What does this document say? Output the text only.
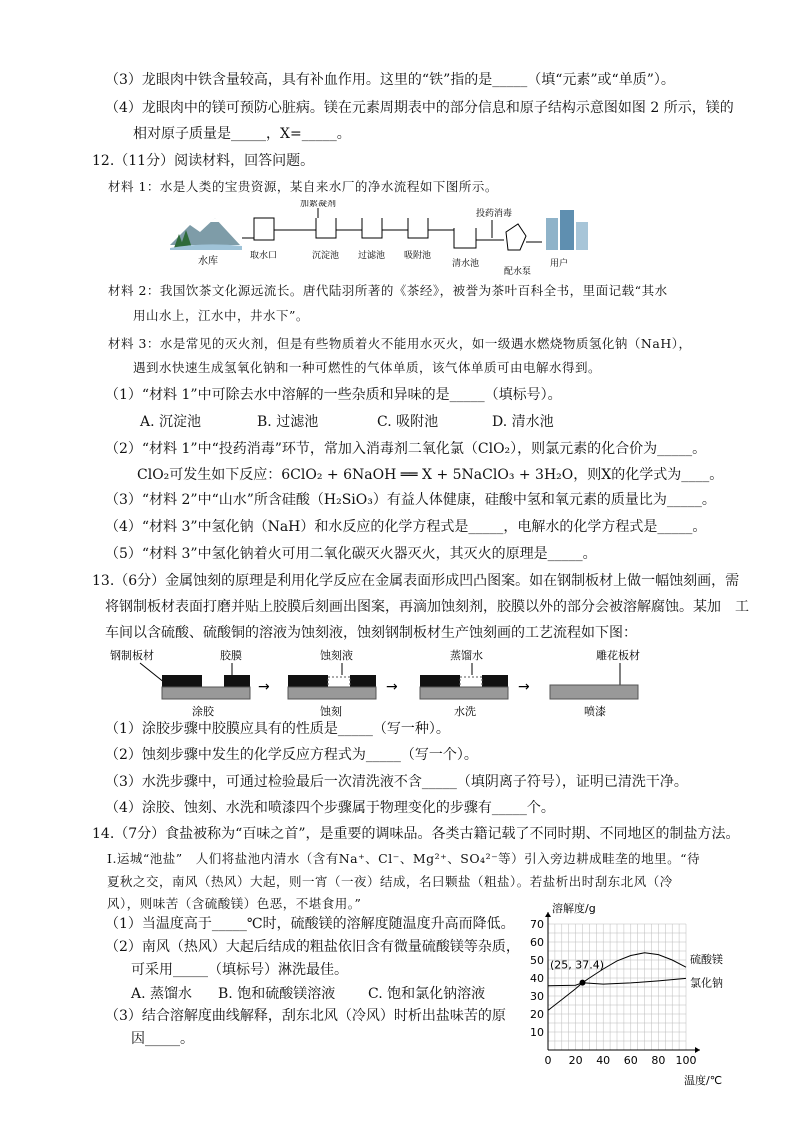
（3）龙眼肉中铁含量较高，具有补血作用。这里的“铁”指的是_____（填“元素”或“单质”）。
（4）龙眼肉中的镁可预防心脏病。镁在元素周期表中的部分信息和原子结构示意图如图 2 所示，镁的
相对原子质量是_____，X=_____。
12.（11分）阅读材料，回答问题。
材料 1：水是人类的宝贵资源，某自来水厂的净水流程如下图所示。
水库	取水口
加絮凝剂
沉淀池 过滤池 吸附池
清水池
投药消毒
配水泵
用户
材料 2：我国饮茶文化源远流长。唐代陆羽所著的《茶经》，被誉为茶叶百科全书，里面记载“其水
用山水上，江水中，井水下”。
材料 3：水是常见的灭火剂，但是有些物质着火不能用水灭火，如一级遇水燃烧物质氢化钠（NaH），
遇到水快速生成氢氧化钠和一种可燃性的气体单质，该气体单质可由电解水得到。
（1）“材料 1”中可除去水中溶解的一些杂质和异味的是_____（填标号）。
A. 沉淀池	B. 过滤池	C. 吸附池	D. 清水池
（2）“材料 1”中“投药消毒”环节，常加入消毒剂二氧化氯（ClO₂），则氯元素的化合价为_____。
ClO₂可发生如下反应：6ClO₂ + 6NaOH ══ X + 5NaClO₃ + 3H₂O，则X的化学式为____。
（3）“材料 2”中“山水”所含硅酸（H₂SiO₃）有益人体健康，硅酸中氢和氧元素的质量比为_____。
（4）“材料 3”中氢化钠（NaH）和水反应的化学方程式是_____，电解水的化学方程式是_____。
（5）“材料 3”中氢化钠着火可用二氧化碳灭火器灭火，其灭火的原理是_____。
13.（6分）金属蚀刻的原理是利用化学反应在金属表面形成凹凸图案。如在钢制板材上做一幅蚀刻画，需
将钢制板材表面打磨并贴上胶膜后刻画出图案，再滴加蚀刻剂，胶膜以外的部分会被溶解腐蚀。某加　工
车间以含硫酸、硫酸铜的溶液为蚀刻液，蚀刻钢制板材生产蚀刻画的工艺流程如下图：
钢制板材	胶膜
涂胶
→
蚀刻液
蚀刻
→
蒸馏水
水洗
→
雕花板材
喷漆
（1）涂胶步骤中胶膜应具有的性质是_____（写一种）。
（2）蚀刻步骤中发生的化学反应方程式为_____（写一个）。
（3）水洗步骤中，可通过检验最后一次清洗液不含_____（填阴离子符号），证明已清洗干净。
（4）涂胶、蚀刻、水洗和喷漆四个步骤属于物理变化的步骤有_____个。
14.（7分）食盐被称为“百味之首”，是重要的调味品。各类古籍记载了不同时期、不同地区的制盐方法。
Ⅰ.运城“池盐”　人们将盐池内清水（含有Na⁺、Cl⁻、Mg²⁺、SO₄²⁻等）引入旁边耕成畦垄的地里。“待
夏秋之交，南风（热风）大起，则一宵（一夜）结成，名曰颗盐（粗盐）。若盐析出时刮东北风（冷
风），则味苦（含硫酸镁）色恶，不堪食用。”
（1）当温度高于_____℃时，硫酸镁的溶解度随温度升高而降低。
（2）南风（热风）大起后结成的粗盐依旧含有微量硫酸镁等杂质，
可采用_____（填标号）淋洗最佳。
A. 蒸馏水 B. 饱和硫酸镁溶液 C. 饱和氯化钠溶液
（3）结合溶解度曲线解释，刮东北风（冷风）时析出盐味苦的原
因_____。
0 20 40 60 80 100
10
20
30
40
50
60
70
硫酸镁
氯化钠
溶解度/g
温度/℃
(25, 37.4)
